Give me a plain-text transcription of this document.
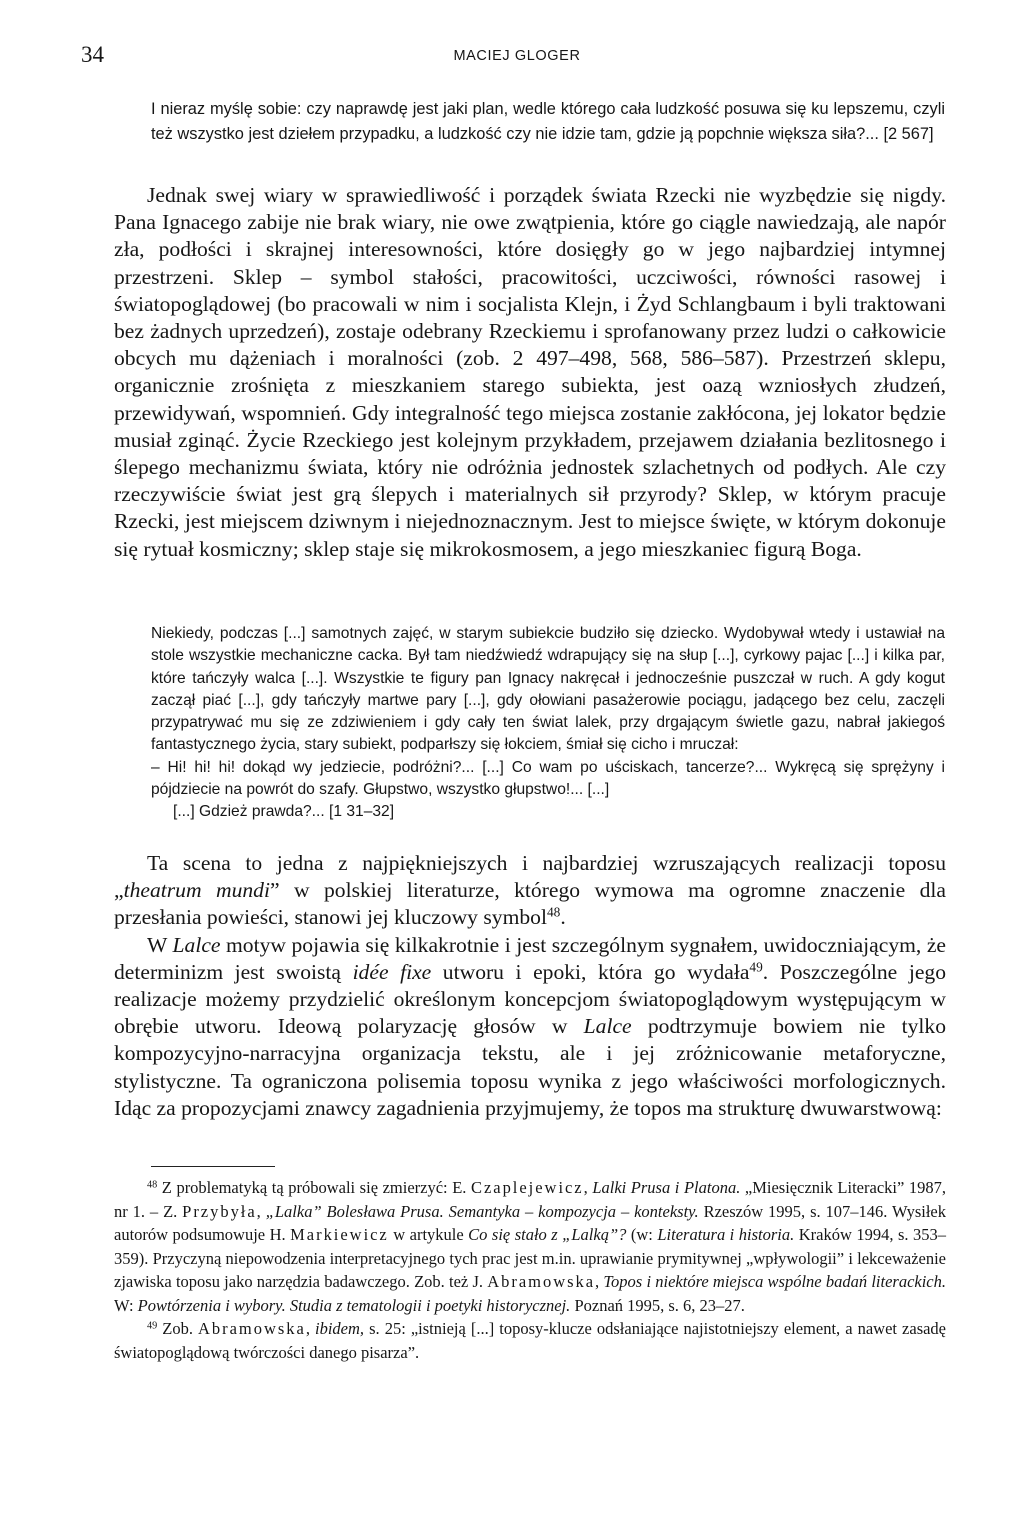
34	MACIEJ GLOGER

I nieraz myślę sobie: czy naprawdę jest jaki plan, wedle którego cała ludzkość posuwa się ku lepszemu, czyli też wszystko jest dziełem przypadku, a ludzkość czy nie idzie tam, gdzie ją popchnie większa siła?... [2 567]

Jednak swej wiary w sprawiedliwość i porządek świata Rzecki nie wyzbędzie się nigdy. Pana Ignacego zabije nie brak wiary, nie owe zwątpienia, które go ciągle nawiedzają, ale napór zła, podłości i skrajnej interesowności, które dosięgły go w jego najbardziej intymnej przestrzeni. Sklep – symbol stałości, pracowitości, uczciwości, równości rasowej i światopoglądowej (bo pracowali w nim i socjalista Klejn, i Żyd Schlangbaum i byli traktowani bez żadnych uprzedzeń), zostaje odebrany Rzeckiemu i sprofanowany przez ludzi o całkowicie obcych mu dążeniach i moralności (zob. 2 497–498, 568, 586–587). Przestrzeń sklepu, organicznie zrośnięta z mieszkaniem starego subiekta, jest oazą wzniosłych złudzeń, przewidywań, wspomnień. Gdy integralność tego miejsca zostanie zakłócona, jej lokator będzie musiał zginąć. Życie Rzeckiego jest kolejnym przykładem, przejawem działania bezlitosnego i ślepego mechanizmu świata, który nie odróżnia jednostek szlachetnych od podłych. Ale czy rzeczywiście świat jest grą ślepych i materialnych sił przyrody? Sklep, w którym pracuje Rzecki, jest miejscem dziwnym i niejednoznacznym. Jest to miejsce święte, w którym dokonuje się rytuał kosmiczny; sklep staje się mikrokosmosem, a jego mieszkaniec figurą Boga.

Niekiedy, podczas [...] samotnych zajęć, w starym subiekcie budziło się dziecko. Wydobywał wtedy i ustawiał na stole wszystkie mechaniczne cacka. Był tam niedźwiedź wdrapujący się na słup [...], cyrkowy pajac [...] i kilka par, które tańczyły walca [...]. Wszystkie te figury pan Ignacy nakręcał i jednocześnie puszczał w ruch. A gdy kogut zaczął piać [...], gdy tańczyły martwe pary [...], gdy ołowiani pasażerowie pociągu, jadącego bez celu, zaczęli przypatrywać mu się ze zdziwieniem i gdy cały ten świat lalek, przy drgającym świetle gazu, nabrał jakiegoś fantastycznego życia, stary subiekt, podparłszy się łokciem, śmiał się cicho i mruczał:

– Hi! hi! hi! dokąd wy jedziecie, podróżni?... [...] Co wam po uściskach, tancerze?... Wykręcą się sprężyny i pójdziecie na powrót do szafy. Głupstwo, wszystko głupstwo!... [...]

[...] Gdzież prawda?... [1 31–32]

Ta scena to jedna z najpiękniejszych i najbardziej wzruszających realizacji toposu „theatrum mundi” w polskiej literaturze, którego wymowa ma ogromne znaczenie dla przesłania powieści, stanowi jej kluczowy symbol$^{48}$.

W Lalce motyw pojawia się kilkakrotnie i jest szczególnym sygnałem, uwidoczniającym, że determinizm jest swoistą idée fixe utworu i epoki, która go wydała$^{49}$. Poszczególne jego realizacje możemy przydzielić określonym koncepcjom światopoglądowym występującym w obrębie utworu. Ideową polaryzację głosów w Lalce podtrzymuje bowiem nie tylko kompozycyjno-narracyjna organizacja tekstu, ale i jej zróżnicowanie metaforyczne, stylistyczne. Ta ograniczona polisemia toposu wynika z jego właściwości morfologicznych. Idąc za propozycjami znawcy zagadnienia przyjmujemy, że topos ma strukturę dwuwarstwową:

$^{48}$ Z problematyką tą próbowali się zmierzyć: E. Czaplejewicz, Lalki Prusa i Platona. „Miesięcznik Literacki” 1987, nr 1. – Z. Przybyła, „Lalka” Bolesława Prusa. Semantyka – kompozycja – konteksty. Rzeszów 1995, s. 107–146. Wysiłek autorów podsumowuje H. Markiewicz w artykule Co się stało z „Lalką”? (w: Literatura i historia. Kraków 1994, s. 353–359). Przyczyną niepowodzenia interpretacyjnego tych prac jest m.in. uprawianie prymitywnej „wpływologii” i lekceważenie zjawiska toposu jako narzędzia badawczego. Zob. też J. Abramowska, Topos i niektóre miejsca wspólne badań literackich. W: Powtórzenia i wybory. Studia z tematologii i poetyki historycznej. Poznań 1995, s. 6, 23–27.

$^{49}$ Zob. Abramowska, ibidem, s. 25: „istnieją [...] toposy-klucze odsłaniające najistotniejszy element, a nawet zasadę światopoglądową twórczości danego pisarza”.
